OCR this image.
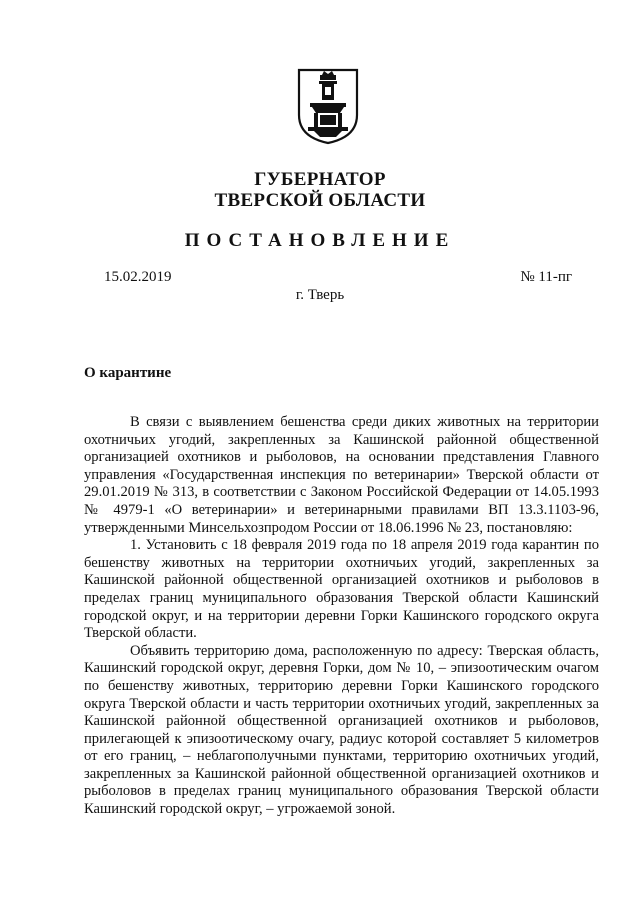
ГУБЕРНАТОР
ТВЕРСКОЙ ОБЛАСТИ
ПОСТАНОВЛЕНИЕ
15.02.2019	№ 11-пг
г. Тверь
О карантине

В связи с выявлением бешенства среди диких животных на территории охотничьих угодий, закрепленных за Кашинской районной общественной организацией охотников и рыболовов, на основании представления Главного управления «Государственная инспекция по ветеринарии» Тверской области от 29.01.2019 № 313, в соответствии с Законом Российской Федерации от 14.05.1993 № 4979-1 «О ветеринарии» и ветеринарными правилами ВП 13.3.1103-96, утвержденными Минсельхозпродом России от 18.06.1996 № 23, постановляю:

1. Установить с 18 февраля 2019 года по 18 апреля 2019 года карантин по бешенству животных на территории охотничьих угодий, закрепленных за Кашинской районной общественной организацией охотников и рыболовов в пределах границ муниципального образования Тверской области Кашинский городской округ, и на территории деревни Горки Кашинского городского округа Тверской области.

Объявить территорию дома, расположенную по адресу: Тверская область, Кашинский городской округ, деревня Горки, дом № 10, – эпизоотическим очагом по бешенству животных, территорию деревни Горки Кашинского городского округа Тверской области и часть территории охотничьих угодий, закрепленных за Кашинской районной общественной организацией охотников и рыболовов, прилегающей к эпизоотическому очагу, радиус которой составляет 5 километров от его границ, – неблагополучными пунктами, территорию охотничьих угодий, закрепленных за Кашинской районной общественной организацией охотников и рыболовов в пределах границ муниципального образования Тверской области Кашинский городской округ, – угрожаемой зоной.
